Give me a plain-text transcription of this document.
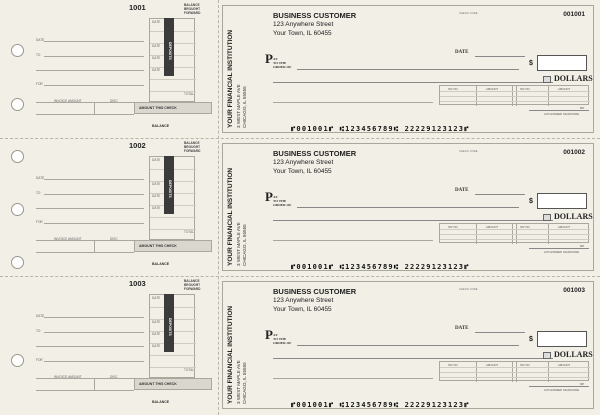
1001	BALANCE BROUGHT FORWARD
DATE
TO
FOR
INVOICE AMOUNT	DISC
DATE
DATE
DATE
DATE
DEPOSITS
TOTAL
AMOUNT THIS CHECK
BALANCE	YOUR FINANCIAL INSTITUTION 3 WEST MAPLE AVE CHICAGO, IL 55555
BUSINESS CUSTOMER
123 Anywhere Street
Your Town, IL 60455
CHECK CODE	001001
DATE
P AY
TO THE
ORDER OF
$
DOLLARS
INV NO	AMOUNT	INV NO	AMOUNT
MP
AUTHORIZED SIGNATURE
⑈001001⑈ ⑆123456789⑆ 22229123123⑈
1002	BALANCE BROUGHT FORWARD
DATE
TO
FOR
INVOICE AMOUNT	DISC
DATE
DATE
DATE
DATE
DEPOSITS
TOTAL
AMOUNT THIS CHECK
BALANCE	YOUR FINANCIAL INSTITUTION 3 WEST MAPLE AVE CHICAGO, IL 55555
BUSINESS CUSTOMER
123 Anywhere Street
Your Town, IL 60455
CHECK CODE	001002
DATE
P AY
TO THE
ORDER OF
$
DOLLARS
INV NO	AMOUNT	INV NO	AMOUNT
MP
AUTHORIZED SIGNATURE
⑈001001⑈ ⑆123456789⑆ 22229123123⑈
1003	BALANCE BROUGHT FORWARD
DATE
TO
FOR
INVOICE AMOUNT	DISC
DATE
DATE
DATE
DATE
DEPOSITS
TOTAL
AMOUNT THIS CHECK
BALANCE	YOUR FINANCIAL INSTITUTION 3 WEST MAPLE AVE CHICAGO, IL 55555
BUSINESS CUSTOMER
123 Anywhere Street
Your Town, IL 60455
CHECK CODE	001003
DATE
P AY
TO THE
ORDER OF
$
DOLLARS
INV NO	AMOUNT	INV NO	AMOUNT
MP
AUTHORIZED SIGNATURE
⑈001001⑈ ⑆123456789⑆ 22229123123⑈
